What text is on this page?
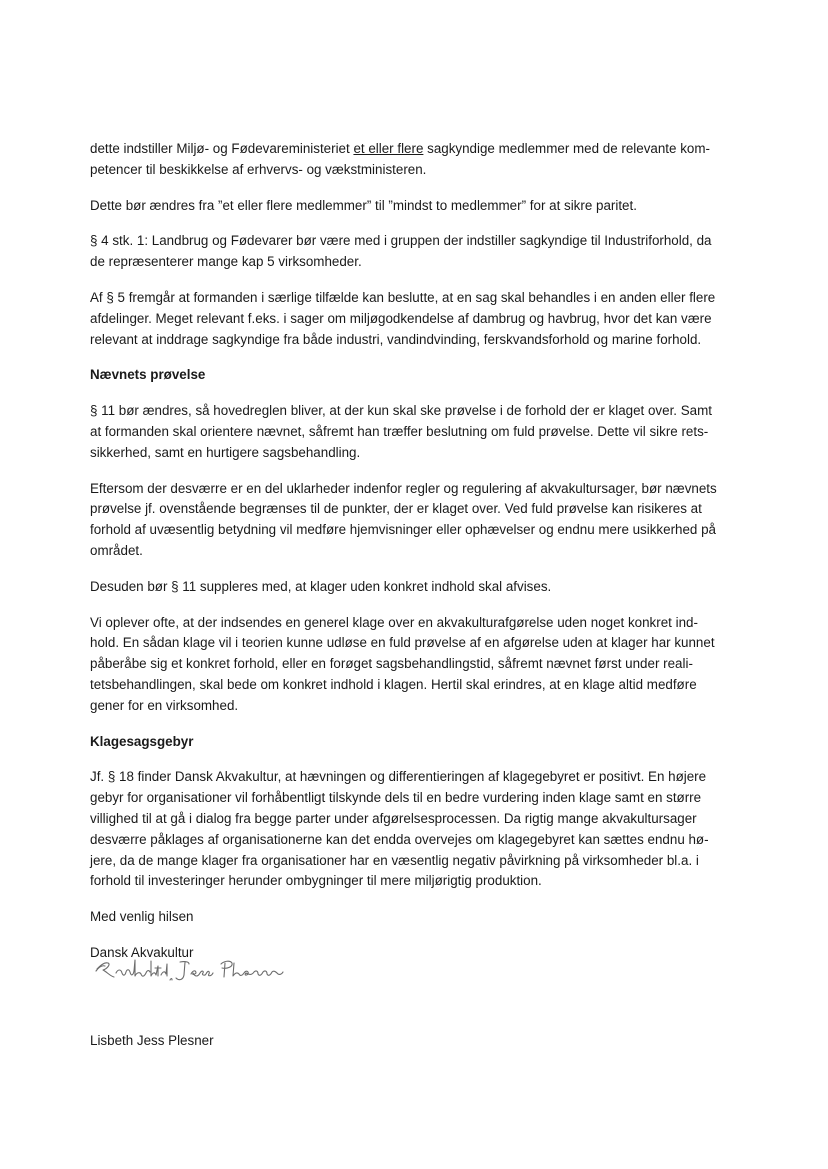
dette indstiller Miljø- og Fødevareministeriet et eller flere sagkyndige medlemmer med de relevante kom-
petencer til beskikkelse af erhvervs- og vækstministeren.

Dette bør ændres fra ”et eller flere medlemmer” til ”mindst to medlemmer” for at sikre paritet.

§ 4 stk. 1: Landbrug og Fødevarer bør være med i gruppen der indstiller sagkyndige til Industriforhold, da
de repræsenterer mange kap 5 virksomheder.

Af § 5 fremgår at formanden i særlige tilfælde kan beslutte, at en sag skal behandles i en anden eller flere
afdelinger. Meget relevant f.eks. i sager om miljøgodkendelse af dambrug og havbrug, hvor det kan være
relevant at inddrage sagkyndige fra både industri, vandindvinding, ferskvandsforhold og marine forhold.

Nævnets prøvelse

§ 11 bør ændres, så hovedreglen bliver, at der kun skal ske prøvelse i de forhold der er klaget over. Samt
at formanden skal orientere nævnet, såfremt han træffer beslutning om fuld prøvelse. Dette vil sikre rets-
sikkerhed, samt en hurtigere sagsbehandling.

Eftersom der desværre er en del uklarheder indenfor regler og regulering af akvakultursager, bør nævnets
prøvelse jf. ovenstående begrænses til de punkter, der er klaget over. Ved fuld prøvelse kan risikeres at
forhold af uvæsentlig betydning vil medføre hjemvisninger eller ophævelser og endnu mere usikkerhed på
området.

Desuden bør § 11 suppleres med, at klager uden konkret indhold skal afvises.

Vi oplever ofte, at der indsendes en generel klage over en akvakulturafgørelse uden noget konkret ind-
hold. En sådan klage vil i teorien kunne udløse en fuld prøvelse af en afgørelse uden at klager har kunnet
påberåbe sig et konkret forhold, eller en forøget sagsbehandlingstid, såfremt nævnet først under reali-
tetsbehandlingen, skal bede om konkret indhold i klagen. Hertil skal erindres, at en klage altid medføre
gener for en virksomhed.

Klagesagsgebyr

Jf. § 18 finder Dansk Akvakultur, at hævningen og differentieringen af klagegebyret er positivt. En højere
gebyr for organisationer vil forhåbentligt tilskynde dels til en bedre vurdering inden klage samt en større
villighed til at gå i dialog fra begge parter under afgørelsesprocessen. Da rigtig mange akvakultursager
desværre påklages af organisationerne kan det endda overvejes om klagegebyret kan sættes endnu hø-
jere, da de mange klager fra organisationer har en væsentlig negativ påvirkning på virksomheder bl.a. i
forhold til investeringer herunder ombygninger til mere miljørigtig produktion.

Med venlig hilsen

Dansk Akvakultur

Lisbeth Jess Plesner
